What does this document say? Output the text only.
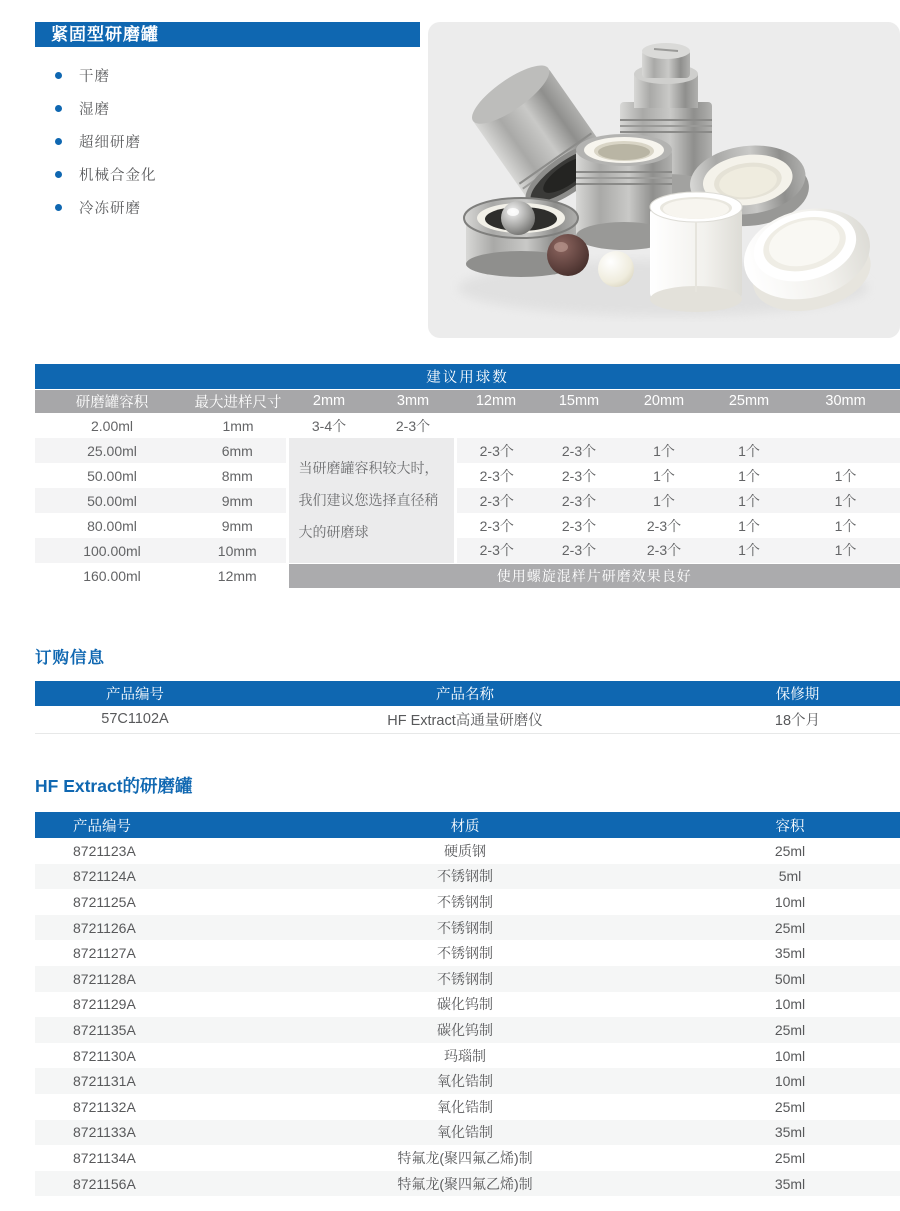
紧固型研磨罐
干磨
湿磨
超细研磨
机械合金化
冷冻研磨
建议用球数								
研磨罐容积	最大进样尺寸	2mm	3mm	12mm	15mm	20mm	25mm	30mm
2.00ml	1mm	3-4个	2-3个					
25.00ml	6mm	当研磨罐容积较大时，我们建议您选择直径稍大的研磨球		2-3个	2-3个	1个	1个	
50.00ml	8mm			2-3个	2-3个	1个	1个	1个
50.00ml	9mm			2-3个	2-3个	1个	1个	1个
80.00ml	9mm			2-3个	2-3个	2-3个	1个	1个
100.00ml	10mm			2-3个	2-3个	2-3个	1个	1个
160.00ml	12mm	使用螺旋混样片研磨效果良好						
订购信息
产品编号	产品名称	保修期
57C1102A	HF Extract高通量研磨仪	18个月
HF Extract的研磨罐
产品编号	材质	容积
8721123A	硬质钢	25ml
8721124A	不锈钢制	5ml
8721125A	不锈钢制	10ml
8721126A	不锈钢制	25ml
8721127A	不锈钢制	35ml
8721128A	不锈钢制	50ml
8721129A	碳化钨制	10ml
8721135A	碳化钨制	25ml
8721130A	玛瑙制	10ml
8721131A	氧化锆制	10ml
8721132A	氧化锆制	25ml
8721133A	氧化锆制	35ml
8721134A	特氟龙(聚四氟乙烯)制	25ml
8721156A	特氟龙(聚四氟乙烯)制	35ml
